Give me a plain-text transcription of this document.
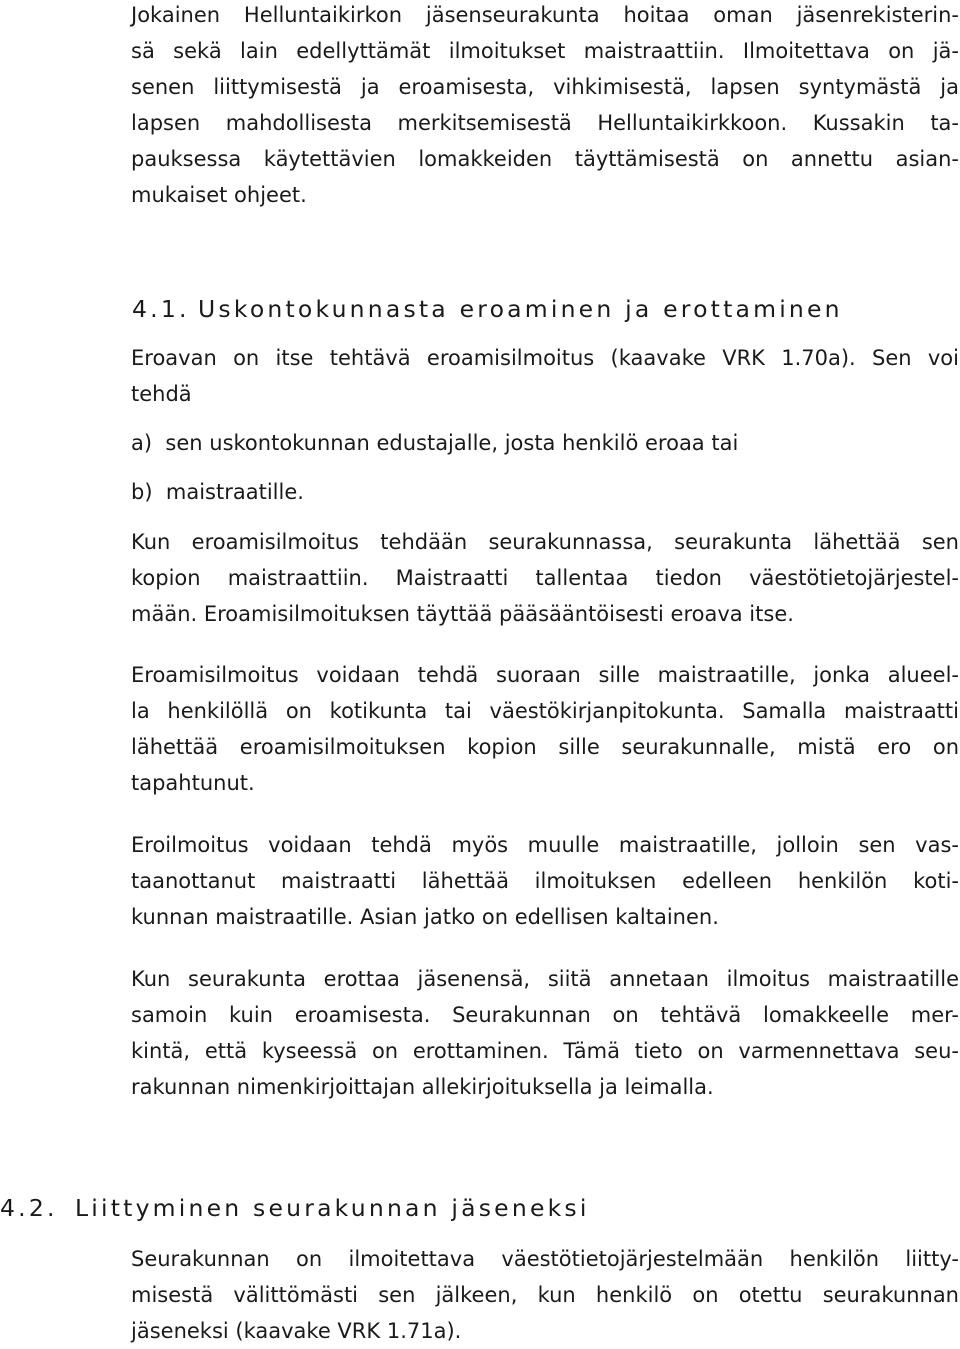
Jokainen Helluntaikirkon jäsenseurakunta hoitaa oman jäsenrekisterin-
sä sekä lain edellyttämät ilmoitukset maistraattiin. Ilmoitettava on jä-
senen liittymisestä ja eroamisesta, vihkimisestä, lapsen syntymästä ja
lapsen mahdollisesta merkitsemisestä Helluntaikirkkoon. Kussakin ta-
pauksessa käytettävien lomakkeiden täyttämisestä on annettu asian-
mukaiset ohjeet.
4.1. Uskontokunnasta eroaminen ja erottaminen
Eroavan on itse tehtävä eroamisilmoitus (kaavake VRK 1.70a). Sen voi
tehdä
a)  sen uskontokunnan edustajalle, josta henkilö eroaa tai
b)  maistraatille.
Kun eroamisilmoitus tehdään seurakunnassa, seurakunta lähettää sen
kopion maistraattiin. Maistraatti tallentaa tiedon väestötietojärjestel-
mään. Eroamisilmoituksen täyttää pääsääntöisesti eroava itse.
Eroamisilmoitus voidaan tehdä suoraan sille maistraatille, jonka alueel-
la henkilöllä on kotikunta tai väestökirjanpitokunta. Samalla maistraatti
lähettää eroamisilmoituksen kopion sille seurakunnalle, mistä ero on
tapahtunut.
Eroilmoitus voidaan tehdä myös muulle maistraatille, jolloin sen vas-
taanottanut maistraatti lähettää ilmoituksen edelleen henkilön koti-
kunnan maistraatille. Asian jatko on edellisen kaltainen.
Kun seurakunta erottaa jäsenensä, siitä annetaan ilmoitus maistraatille
samoin kuin eroamisesta. Seurakunnan on tehtävä lomakkeelle mer-
kintä, että kyseessä on erottaminen. Tämä tieto on varmennettava seu-
rakunnan nimenkirjoittajan allekirjoituksella ja leimalla.
4.2. Liittyminen seurakunnan jäseneksi
Seurakunnan on ilmoitettava väestötietojärjestelmään henkilön liitty-
misestä välittömästi sen jälkeen, kun henkilö on otettu seurakunnan
jäseneksi (kaavake VRK 1.71a).
